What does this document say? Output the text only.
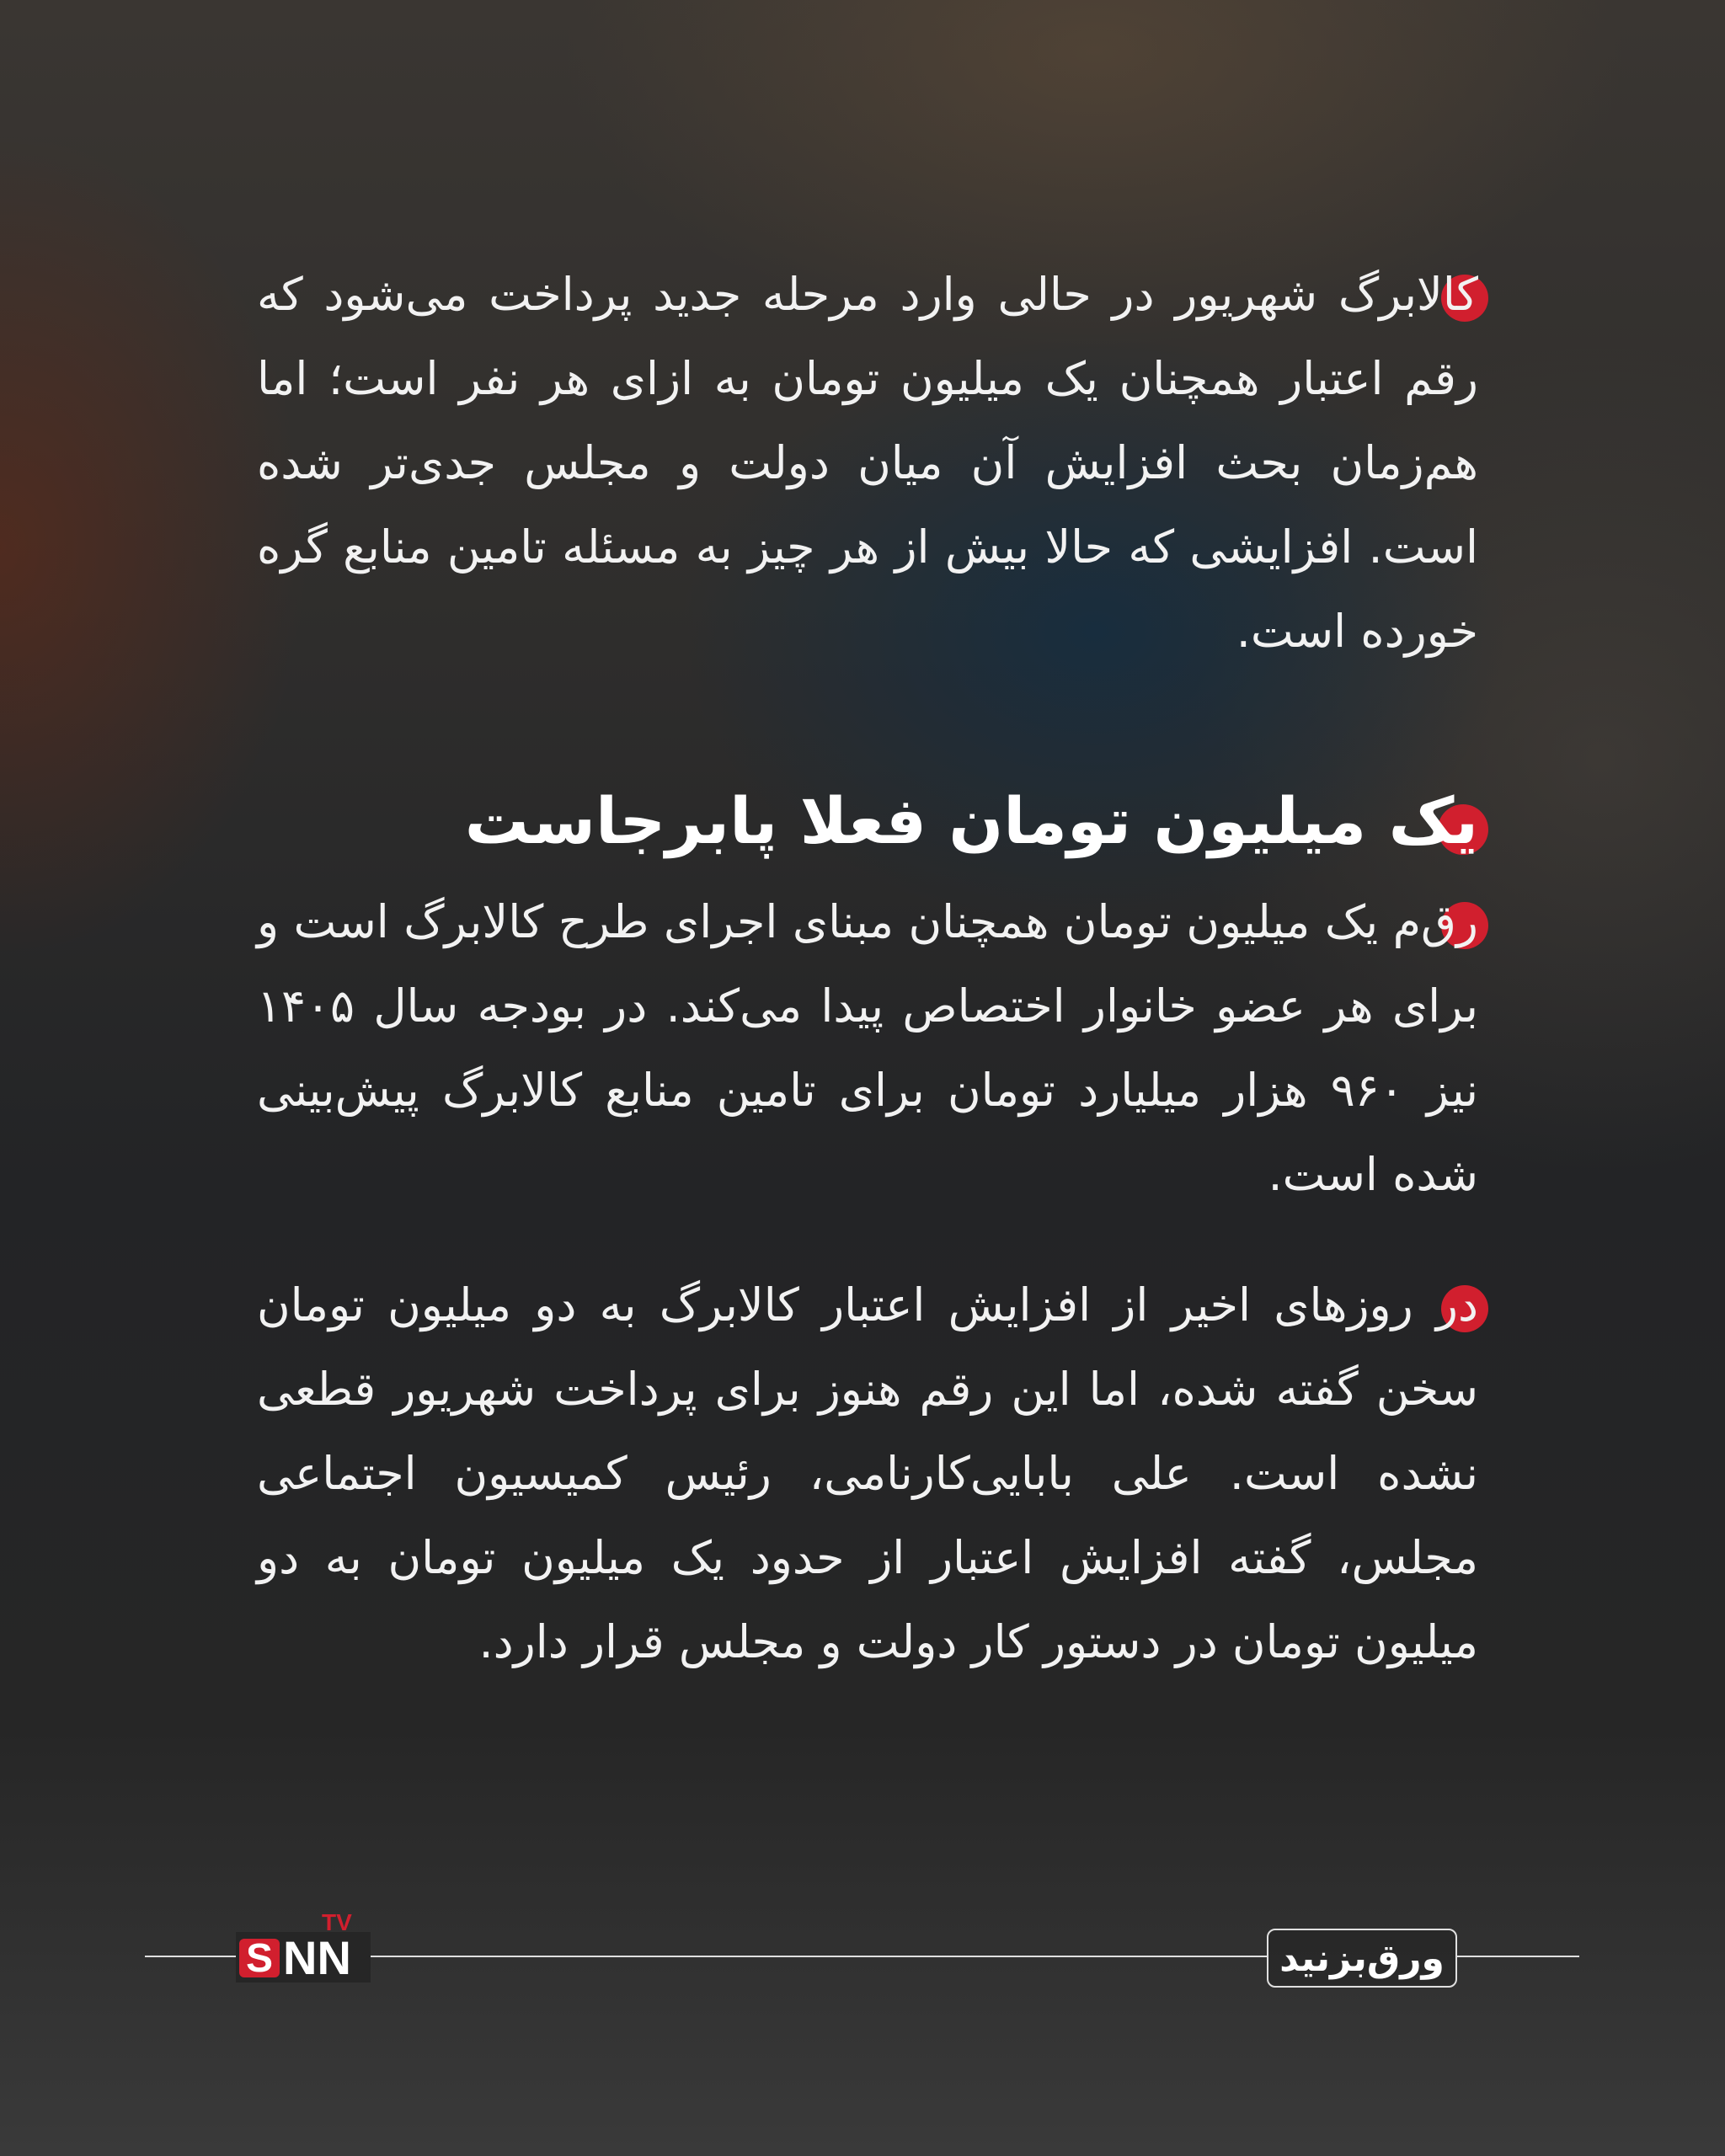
کالابرگ شهریور در حالی وارد مرحله جدید پرداخت می‌شود که رقم اعتبار همچنان یک میلیون تومان به ازای هر نفر است؛ اما هم‌زمان بحث افزایش آن میان دولت و مجلس جدی‌تر شده است. افزایشی که حالا بیش از هر چیز به مسئله تامین منابع گره خورده است.

یک میلیون تومان فعلا پابرجاست

رقم یک میلیون تومان همچنان مبنای اجرای طرح کالابرگ است و برای هر عضو خانوار اختصاص پیدا می‌کند. در بودجه سال ۱۴۰۵ نیز ۹۶۰ هزار میلیارد تومان برای تامین منابع کالابرگ پیش‌بینی شده است.

در روزهای اخیر از افزایش اعتبار کالابرگ به دو میلیون تومان سخن گفته شده، اما این رقم هنوز برای پرداخت شهریور قطعی نشده است. علی بابایی‌کارنامی، رئیس کمیسیون اجتماعی مجلس، گفته افزایش اعتبار از حدود یک میلیون تومان به دو میلیون تومان در دستور کار دولت و مجلس قرار دارد.

S NN
TV
ورق‌بزنید
